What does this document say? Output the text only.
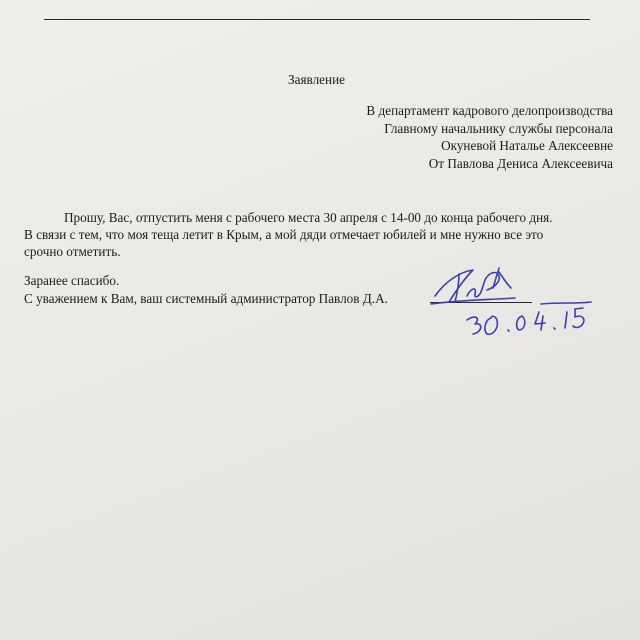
Заявление
В департамент кадрового делопроизводства
Главному начальнику службы персонала
Окуневой Наталье Алексеевне
От Павлова Дениса Алексеевича
Прошу, Вас, отпустить меня с рабочего места 30 апреля с 14-00 до конца рабочего дня.
В связи с тем, что моя теща летит в Крым, а мой дяди отмечает юбилей и мне нужно все это
срочно отметить.
Заранее спасибо.
С уважением к Вам, ваш системный администратор Павлов Д.А.
